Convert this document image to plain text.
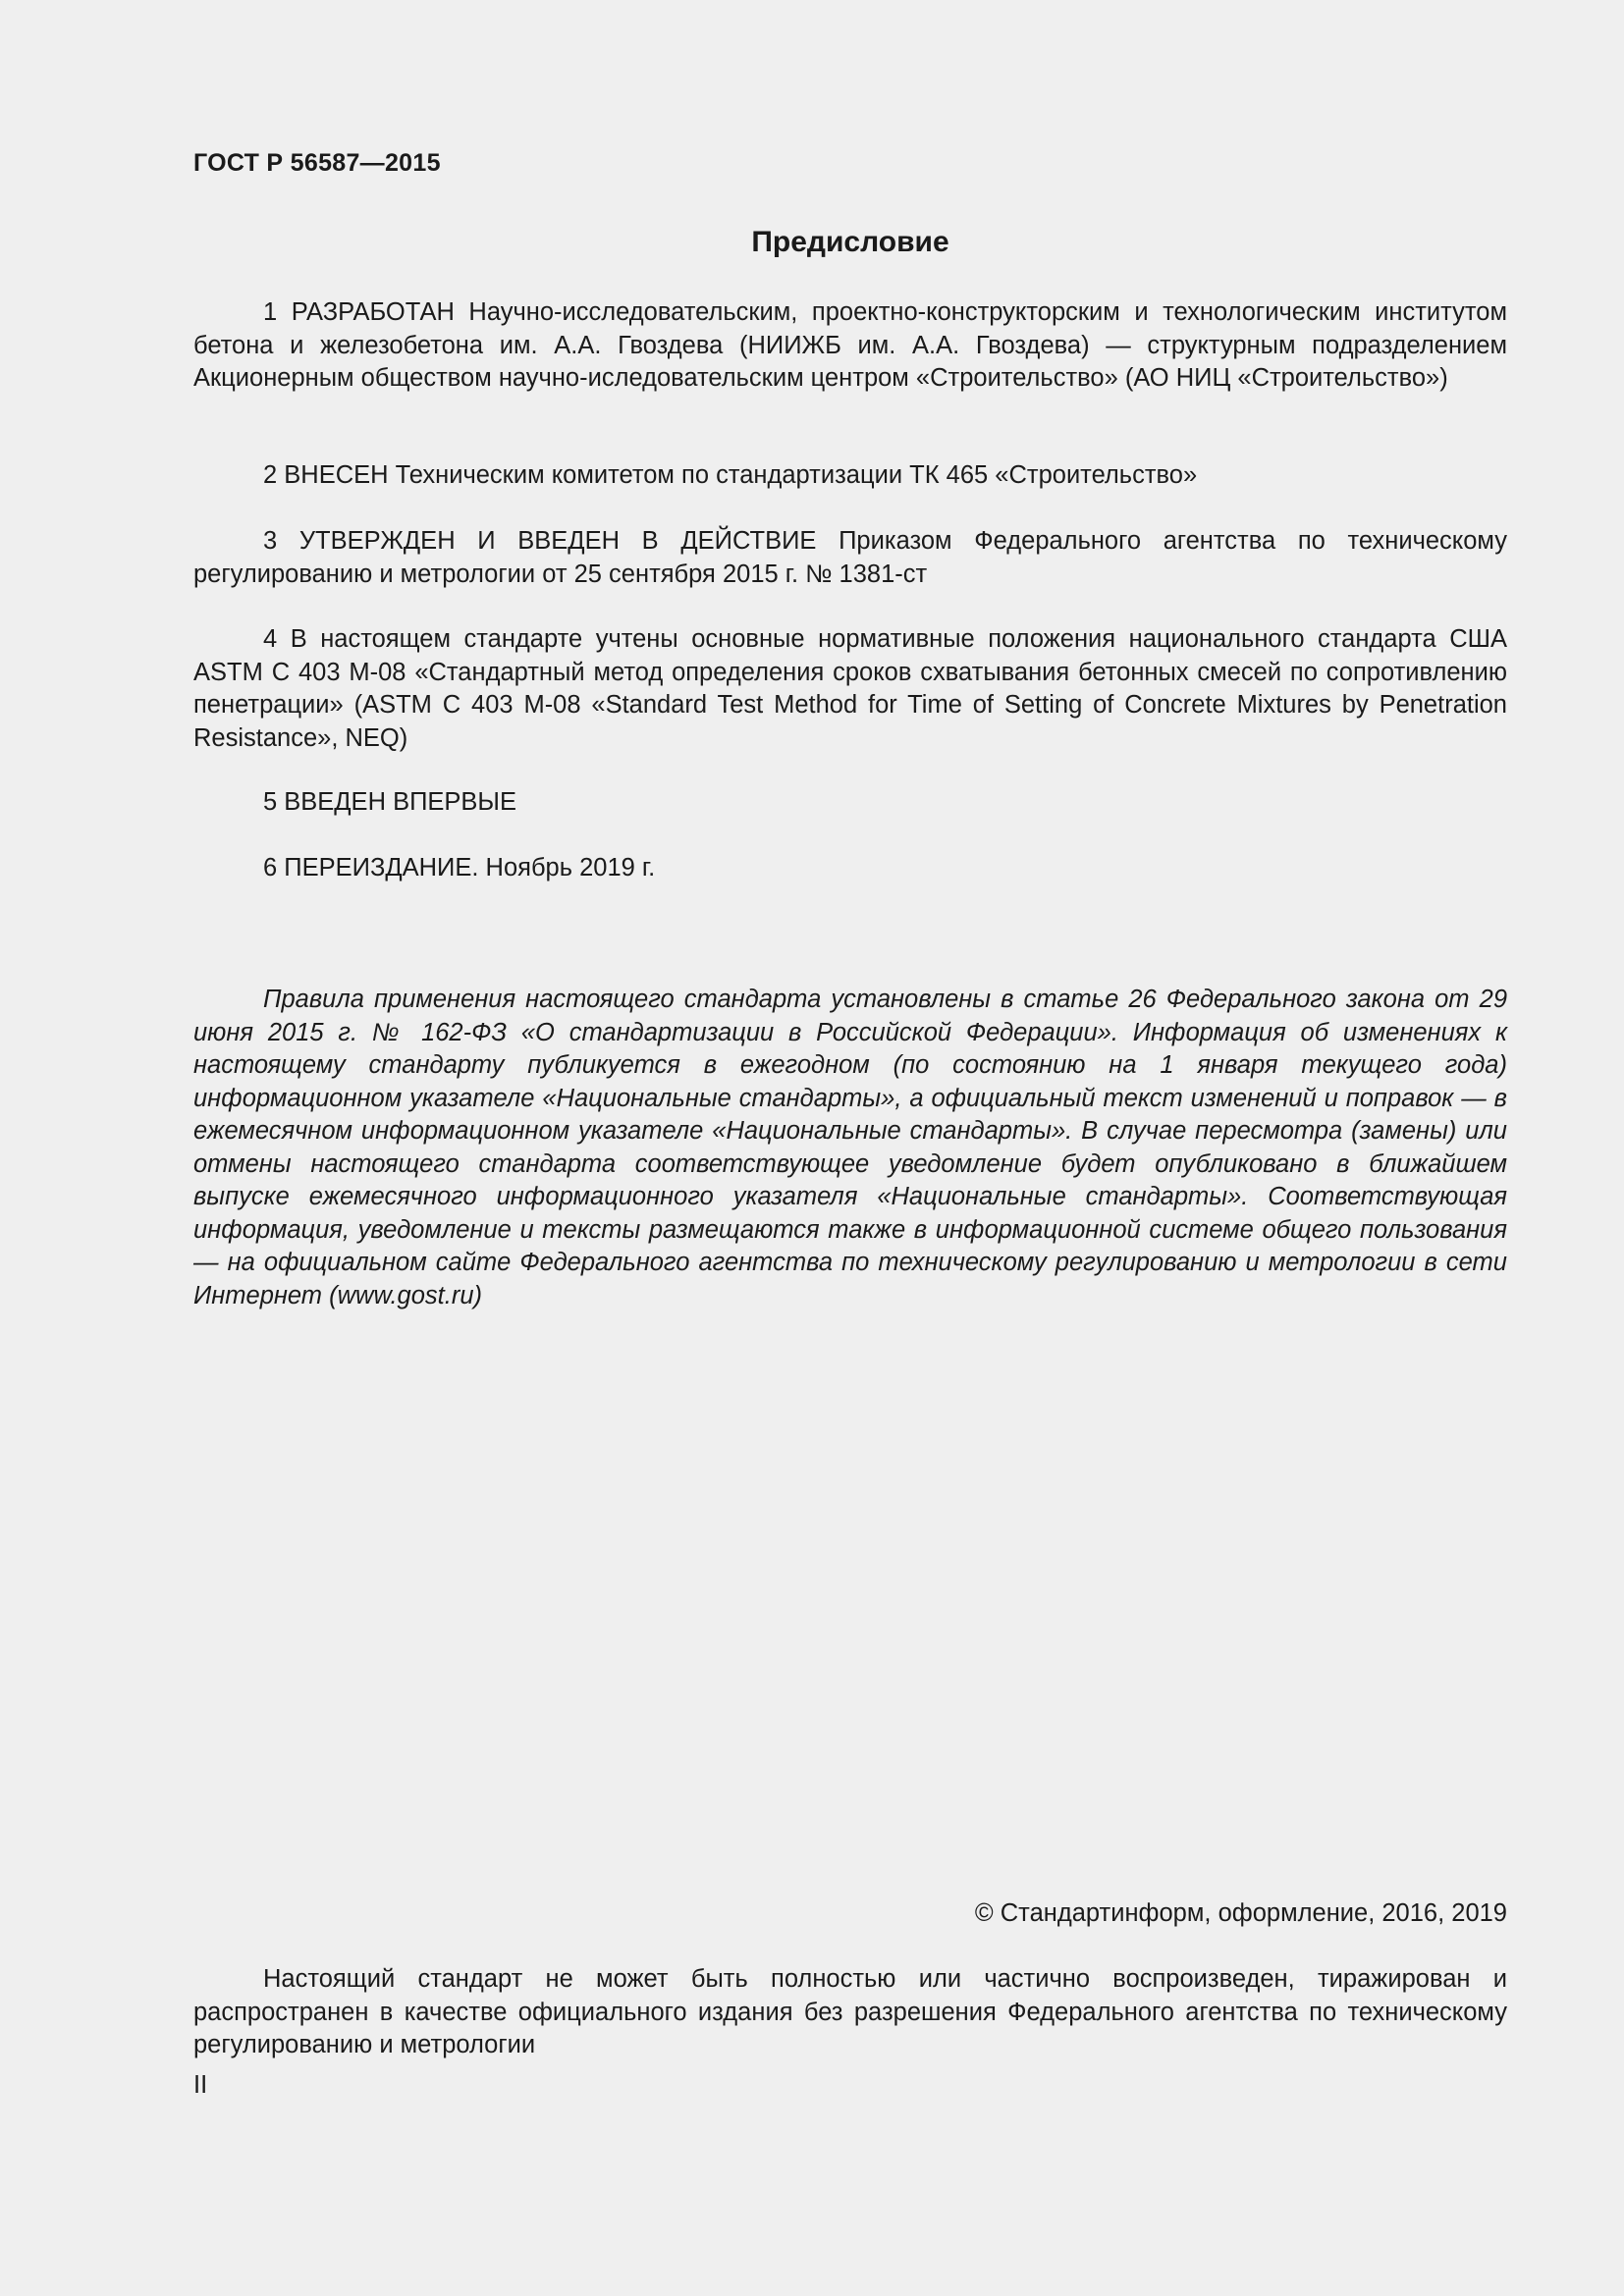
ГОСТ Р 56587—2015
Предисловие

1 РАЗРАБОТАН Научно-исследовательским, проектно-конструкторским и технологическим институтом бетона и железобетона им. А.А. Гвоздева (НИИЖБ им. А.А. Гвоздева) — структурным подразделением Акционерным обществом научно-иследовательским центром «Строительство» (АО НИЦ «Строительство»)

2 ВНЕСЕН Техническим комитетом по стандартизации ТК 465 «Строительство»

3 УТВЕРЖДЕН И ВВЕДЕН В ДЕЙСТВИЕ Приказом Федерального агентства по техническому регулированию и метрологии от 25 сентября 2015 г. № 1381-ст

4 В настоящем стандарте учтены основные нормативные положения национального стандарта США ASTM C 403 M-08 «Стандартный метод определения сроков схватывания бетонных смесей по сопротивлению пенетрации» (ASTM C 403 M-08 «Standard Test Method for Time of Setting of Concrete Mixtures by Penetration Resistance», NEQ)

5 ВВЕДЕН ВПЕРВЫЕ

6 ПЕРЕИЗДАНИЕ. Ноябрь 2019 г.

Правила применения настоящего стандарта установлены в статье 26 Федерального закона от 29 июня 2015 г. № 162-ФЗ «О стандартизации в Российской Федерации». Информация об изменениях к настоящему стандарту публикуется в ежегодном (по состоянию на 1 января текущего года) информационном указателе «Национальные стандарты», а официальный текст изменений и поправок — в ежемесячном информационном указателе «Национальные стандарты». В случае пересмотра (замены) или отмены настоящего стандарта соответствующее уведомление будет опубликовано в ближайшем выпуске ежемесячного информационного указателя «Национальные стандарты». Соответствующая информация, уведомление и тексты размещаются также в информационной системе общего пользования — на официальном сайте Федерального агентства по техническому регулированию и метрологии в сети Интернет (www.gost.ru)

© Стандартинформ, оформление, 2016, 2019

Настоящий стандарт не может быть полностью или частично воспроизведен, тиражирован и распространен в качестве официального издания без разрешения Федерального агентства по техническому регулированию и метрологии

II
